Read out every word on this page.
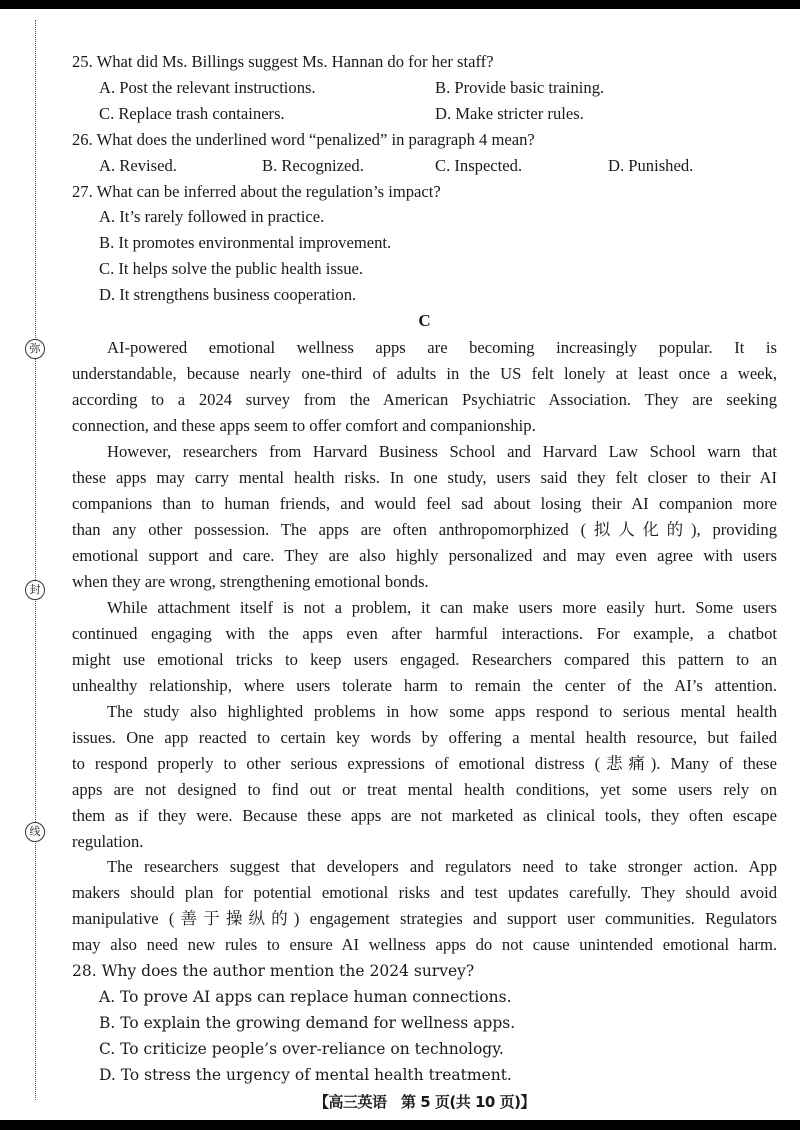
弥
封
线
25. What did Ms. Billings suggest Ms. Hannan do for her staff?
A. Post the relevant instructions.	B. Provide basic training.
C. Replace trash containers.	D. Make stricter rules.
26. What does the underlined word “penalized” in paragraph 4 mean?
A. Revised.	B. Recognized.	C. Inspected.	D. Punished.
27. What can be inferred about the regulation’s impact?
A. It’s rarely followed in practice.
B. It promotes environmental improvement.
C. It helps solve the public health issue.
D. It strengthens business cooperation.
C
AI-powered emotional wellness apps are becoming increasingly popular. It is
understandable, because nearly one-third of adults in the US felt lonely at least once a week,
according to a 2024 survey from the American Psychiatric Association. They are seeking
connection, and these apps seem to offer comfort and companionship.
However, researchers from Harvard Business School and Harvard Law School warn that
these apps may carry mental health risks. In one study, users said they felt closer to their AI
companions than to human friends, and would feel sad about losing their AI companion more
than any other possession. The apps are often anthropomorphized (拟人化的), providing
emotional support and care. They are also highly personalized and may even agree with users
when they are wrong, strengthening emotional bonds.
While attachment itself is not a problem, it can make users more easily hurt. Some users
continued engaging with the apps even after harmful interactions. For example, a chatbot
might use emotional tricks to keep users engaged. Researchers compared this pattern to an
unhealthy relationship, where users tolerate harm to remain the center of the AI’s attention.
The study also highlighted problems in how some apps respond to serious mental health
issues. One app reacted to certain key words by offering a mental health resource, but failed
to respond properly to other serious expressions of emotional distress (悲痛). Many of these
apps are not designed to find out or treat mental health conditions, yet some users rely on
them as if they were. Because these apps are not marketed as clinical tools, they often escape
regulation.
The researchers suggest that developers and regulators need to take stronger action. App
makers should plan for potential emotional risks and test updates carefully. They should avoid
manipulative (善于操纵的) engagement strategies and support user communities. Regulators
may also need new rules to ensure AI wellness apps do not cause unintended emotional harm.
28. Why does the author mention the 2024 survey?
A. To prove AI apps can replace human connections.
B. To explain the growing demand for wellness apps.
C. To criticize people’s over-reliance on technology.
D. To stress the urgency of mental health treatment.
【高三英语　第 5 页(共 10 页)】
